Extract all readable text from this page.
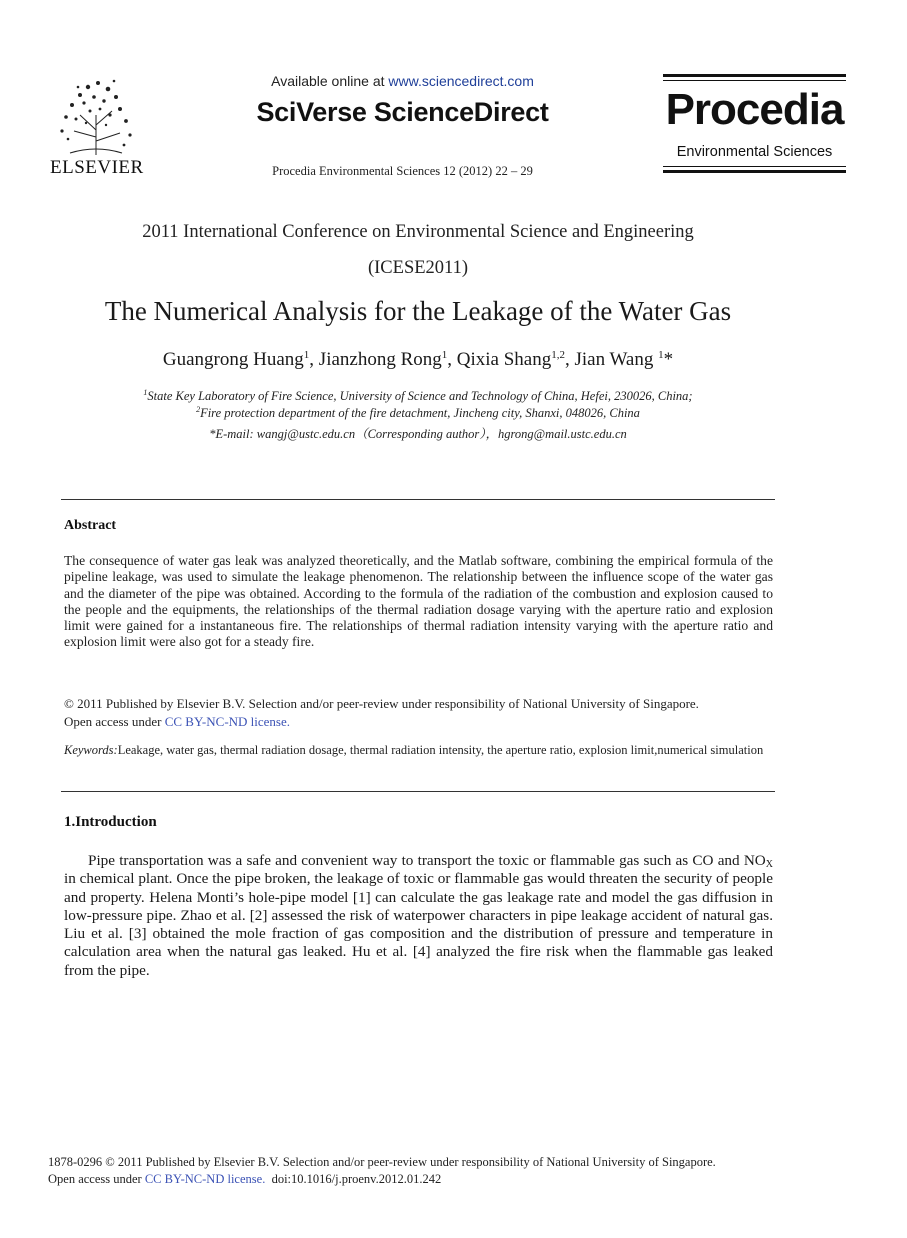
ELSEVIER
Available online at www.sciencedirect.com
SciVerse ScienceDirect
Procedia Environmental Sciences 12 (2012) 22 – 29
Procedia
Environmental Sciences
2011 International Conference on Environmental Science and Engineering
(ICESE2011)
The Numerical Analysis for the Leakage of the Water Gas
Guangrong Huang$^1$, Jianzhong Rong$^1$, Qixia Shang$^{1,2}$, Jian Wang $^1$*
$^1$State Key Laboratory of Fire Science, University of Science and Technology of China, Hefei, 230026, China;
$^2$Fire protection department of the fire detachment, Jincheng city, Shanxi, 048026, China
*E-mail: wangj@ustc.edu.cn（Corresponding author），hgrong@mail.ustc.edu.cn
Abstract
The consequence of water gas leak was analyzed theoretically, and the Matlab software, combining the empirical formula of the pipeline leakage, was used to simulate the leakage phenomenon. The relationship between the influence scope of the water gas and the diameter of the pipe was obtained. According to the formula of the radiation of the combustion and explosion caused to the people and the equipments, the relationships of the thermal radiation dosage varying with the aperture ratio and explosion limit were gained for a instantaneous fire. The relationships of thermal radiation intensity varying with the aperture ratio and explosion limit were also got for a steady fire.
© 2011 Published by Elsevier B.V. Selection and/or peer-review under responsibility of National University of Singapore.
Open access under CC BY-NC-ND license.
Keywords:Leakage, water gas, thermal radiation dosage, thermal radiation intensity, the aperture ratio, explosion limit,numerical simulation
1.Introduction
Pipe transportation was a safe and convenient way to transport the toxic or flammable gas such as CO and $NO_X$ in chemical plant. Once the pipe broken, the leakage of toxic or flammable gas would threaten the security of people and property. Helena Monti’s hole-pipe model [1] can calculate the gas leakage rate and model the gas diffusion in low-pressure pipe. Zhao et al. [2] assessed the risk of waterpower characters in pipe leakage accident of natural gas. Liu et al. [3] obtained the mole fraction of gas composition and the distribution of pressure and temperature in calculation area when the natural gas leaked. Hu et al. [4] analyzed the fire risk when the flammable gas leaked from the pipe.
1878-0296 © 2011 Published by Elsevier B.V. Selection and/or peer-review under responsibility of National University of Singapore.
Open access under CC BY-NC-ND license.  doi:10.1016/j.proenv.2012.01.242
